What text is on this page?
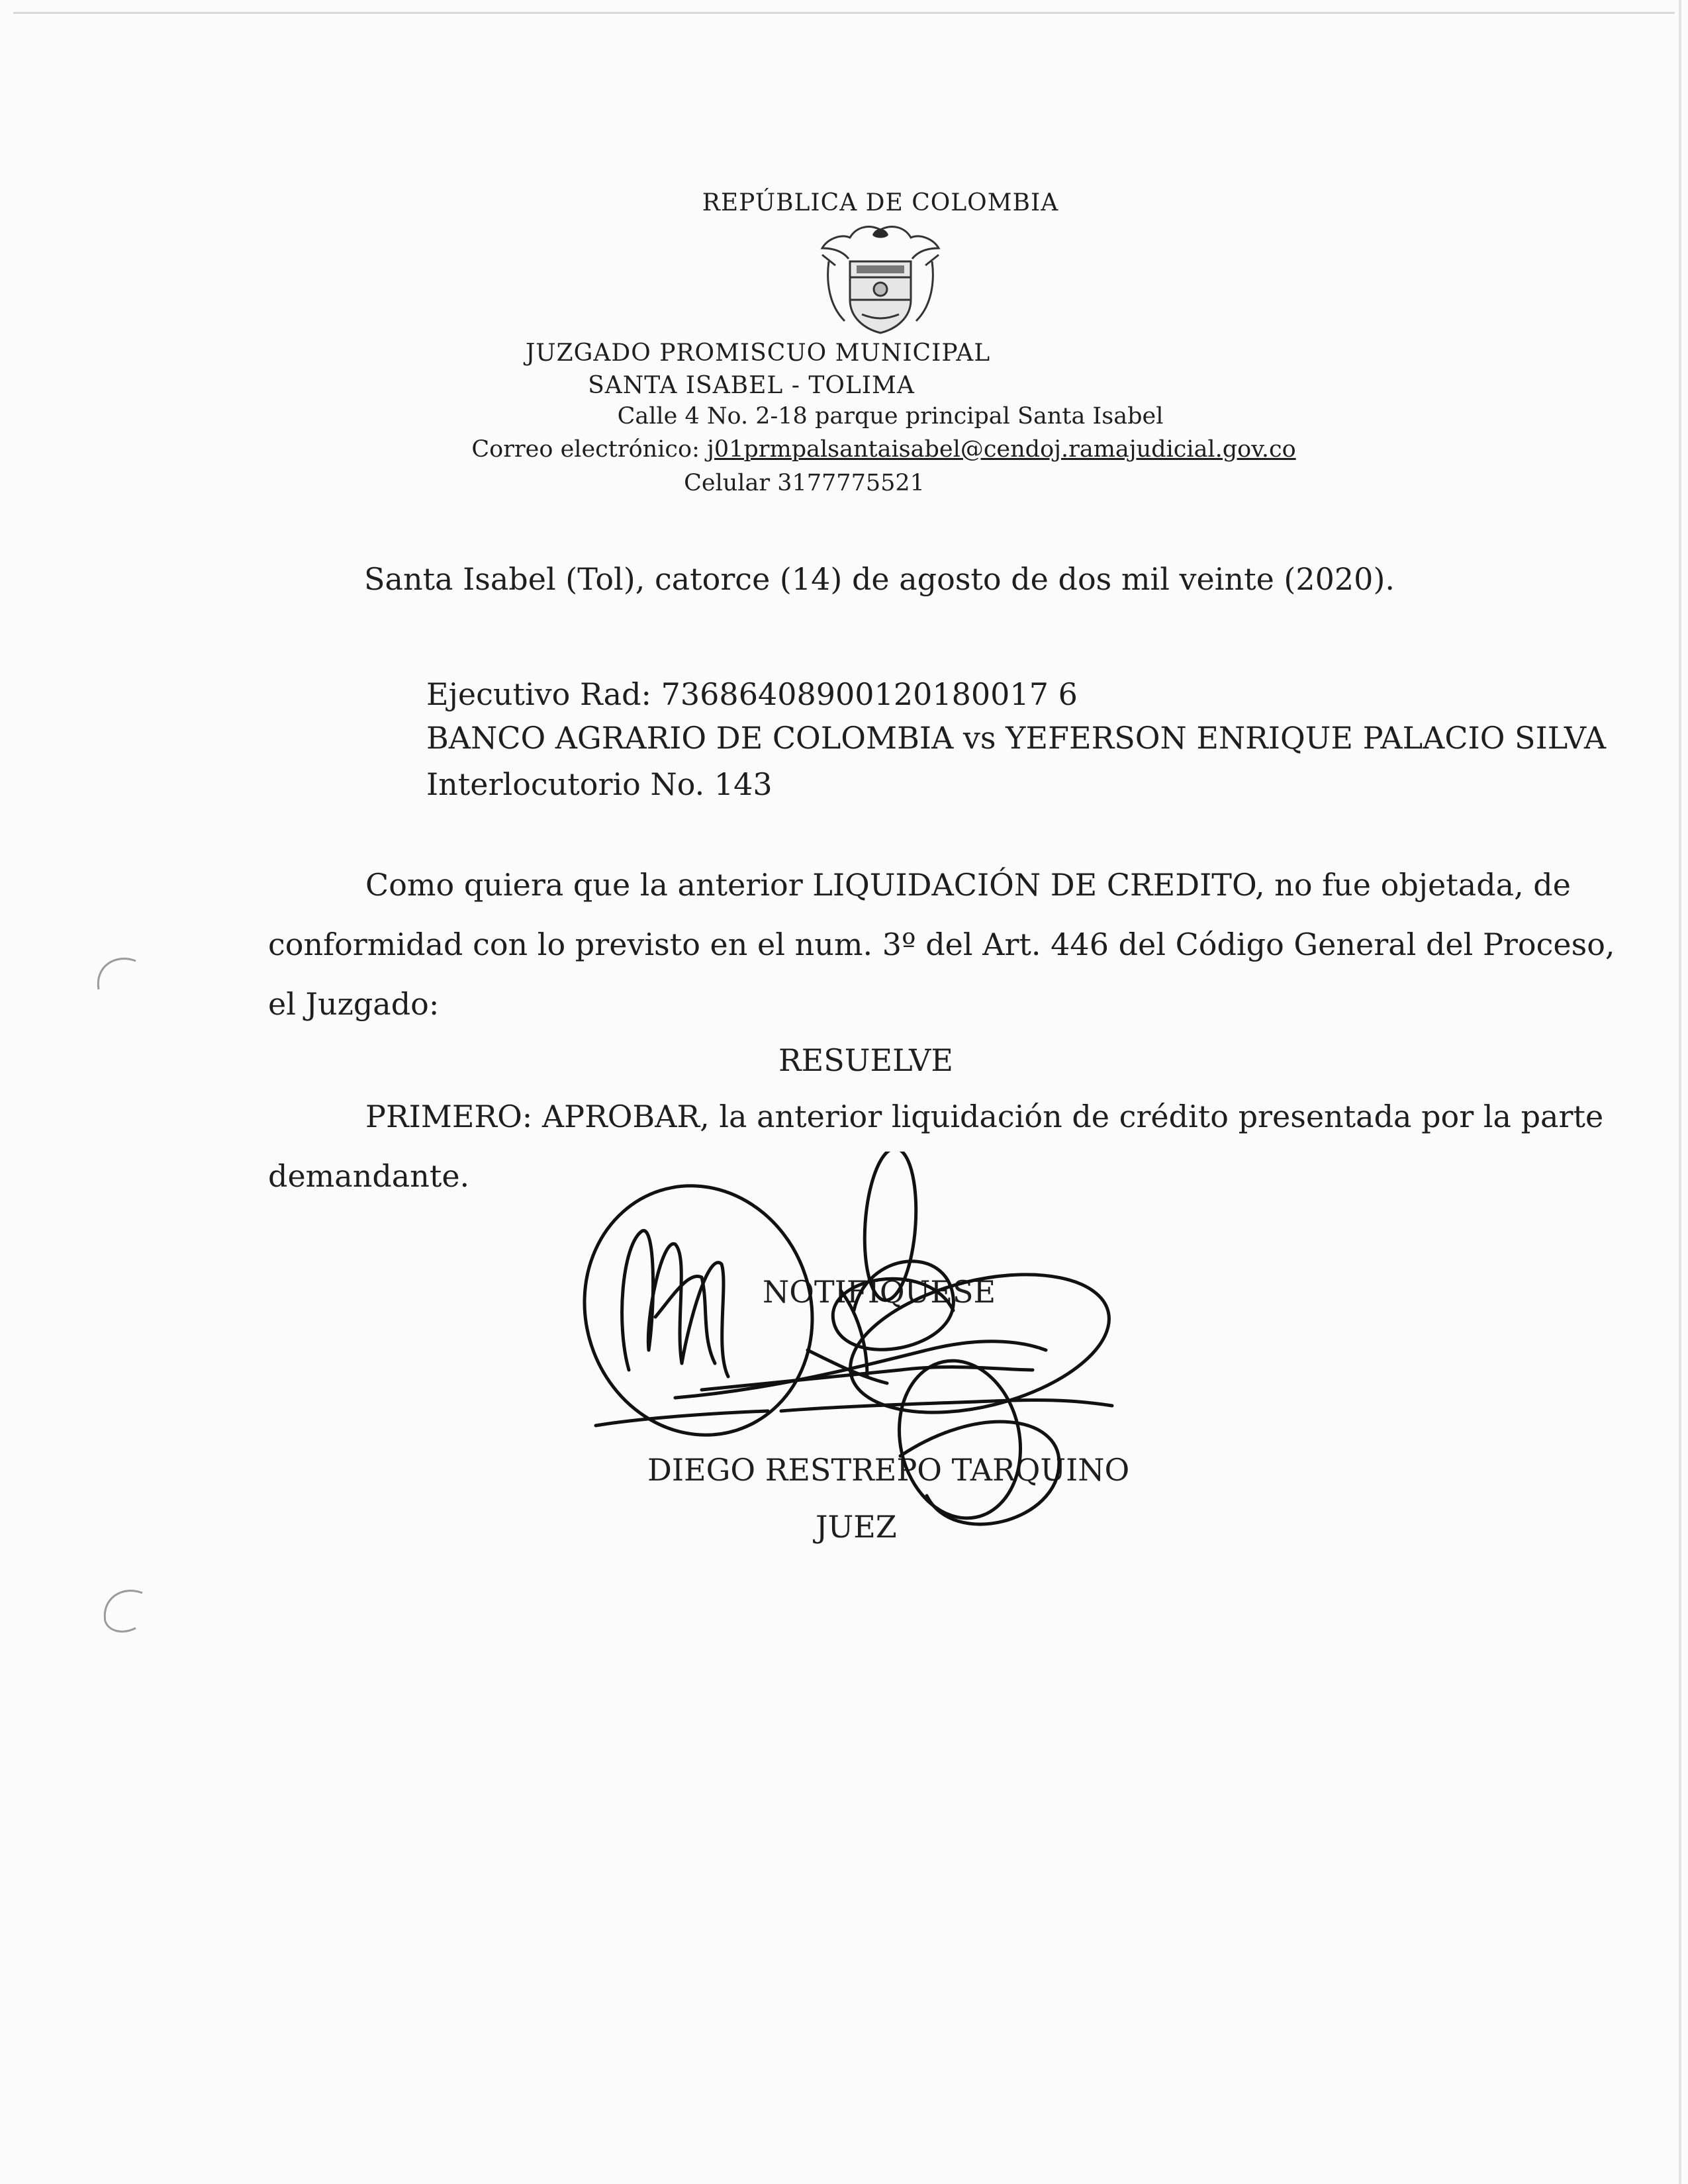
REPÚBLICA DE COLOMBIA
JUZGADO PROMISCUO MUNICIPAL
SANTA ISABEL - TOLIMA
Calle 4 No. 2-18 parque principal Santa Isabel
Correo electrónico: j01prmpalsantaisabel@cendoj.ramajudicial.gov.co
Celular 3177775521
Santa Isabel (Tol), catorce (14) de agosto de dos mil veinte (2020).
Ejecutivo Rad: 73686408900120180017 6
BANCO AGRARIO DE COLOMBIA vs YEFERSON ENRIQUE PALACIO SILVA
Interlocutorio No. 143
Como quiera que la anterior LIQUIDACIÓN DE CREDITO, no fue objetada, de
conformidad con lo previsto en el num. 3º del Art. 446 del Código General del Proceso,
el Juzgado:
RESUELVE
PRIMERO: APROBAR, la anterior liquidación de crédito presentada por la parte
demandante.
NOTIFIQUESE
DIEGO RESTREPO TARQUINO
JUEZ
